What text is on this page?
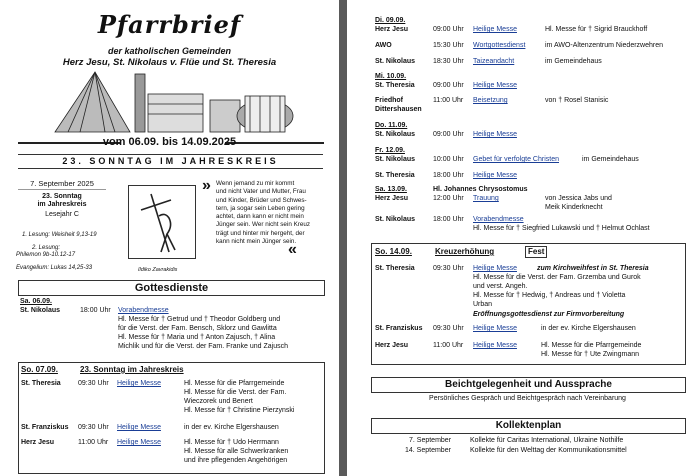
Pfarrbrief
der katholischen Gemeinden
Herz Jesu, St. Nikolaus v. Flüe und St. Theresia
vom 06.09. bis 14.09.2025
23. SONNTAG IM JAHRESKREIS
7. September 2025
23. Sonntag
im Jahreskreis
Lesejahr C
1. Lesung: Weisheit 9,13-19
2. Lesung:
Philemon 9b-10.12-17
Evangelium: Lukas 14,25-33	Ildiko Zavrakidis
» Wenn jemand zu mir kommt
und nicht Vater und Mutter, Frau
und Kinder, Brüder und Schwes-
tern, ja sogar sein Leben gering
achtet, dann kann er nicht mein
Jünger sein. Wer nicht sein Kreuz
trägt und hinter mir hergeht, der
kann nicht mein Jünger sein.
«
Gottesdienste
Sa. 06.09.
St. Nikolaus	18:00 Uhr Vorabendmesse
Hl. Messe für † Getrud und † Theodor Goldberg und
für die Verst. der Fam. Bensch, Sklorz und Gawlitta
Hl. Messe für † Maria und † Anton Zajusch, † Alina
Michlik und für die Verst. der Fam. Franke und Zajusch
So. 07.09.	23. Sonntag im Jahreskreis
St. Theresia 09:30 Uhr Heilige Messe	Hl. Messe für die Pfarrgemeinde
Hl. Messe für die Verst. der Fam.
Wieczorek und Benert
Hl. Messe für † Christine Pierzynski
St. Franziskus 09:30 Uhr Heilige Messe	in der ev. Kirche Elgershausen
Herz Jesu	11:00 Uhr Heilige Messe	Hl. Messe für † Udo Herrmann
Hl. Messe für alle Schwerkranken
und ihre pflegenden Angehörigen
Di. 09.09.
Herz Jesu	09:00 Uhr Heilige Messe	Hl. Messe für † Sigrid Brauckhoff
AWO	15:30 Uhr Wortgottesdienst	im AWO-Altenzentrum Niederzwehren
St. Nikolaus	18:30 Uhr Taizeandacht	im Gemeindehaus
Mi. 10.09.
St. Theresia	09:00 Uhr Heilige Messe
Friedhof
Dittershausen
11:00 Uhr Beisetzung	von † Rosel Stanisic
Do. 11.09.
St. Nikolaus	09:00 Uhr Heilige Messe
Fr. 12.09.
St. Nikolaus	10:00 Uhr Gebet für verfolgte Christen	im Gemeindehaus
St. Theresia	18:00 Uhr Heilige Messe
Sa. 13.09.	Hl. Johannes Chrysostomus
Herz Jesu	12:00 Uhr Trauung	von Jessica Jabs und
Meik Kinderknecht
St. Nikolaus	18:00 Uhr Vorabendmesse
Hl. Messe für † Siegfried Lukawski und † Helmut Ochlast
So. 14.09.	Kreuzerhöhung	Fest
St. Theresia	09:30 Uhr Heilige Messe	zum Kirchweihfest in St. Theresia
Hl. Messe für die Verst. der Fam. Grzemba und Gurok
und verst. Angeh.
Hl. Messe für † Hedwig, † Andreas und † Violetta
Urban
Eröffnungsgottesdienst zur Firmvorbereitung
St. Franziskus 09:30 Uhr Heilige Messe	in der ev. Kirche Elgershausen
Herz Jesu	11:00 Uhr Heilige Messe	Hl. Messe für die Pfarrgemeinde
Hl. Messe für † Ute Zwingmann
Beichtgelegenheit und Aussprache
Persönliches Gespräch und Beichtgespräch nach Vereinbarung
Kollektenplan
7. September	Kollekte für Caritas International, Ukraine Nothilfe
14. September	Kollekte für den Welttag der Kommunikationsmittel
